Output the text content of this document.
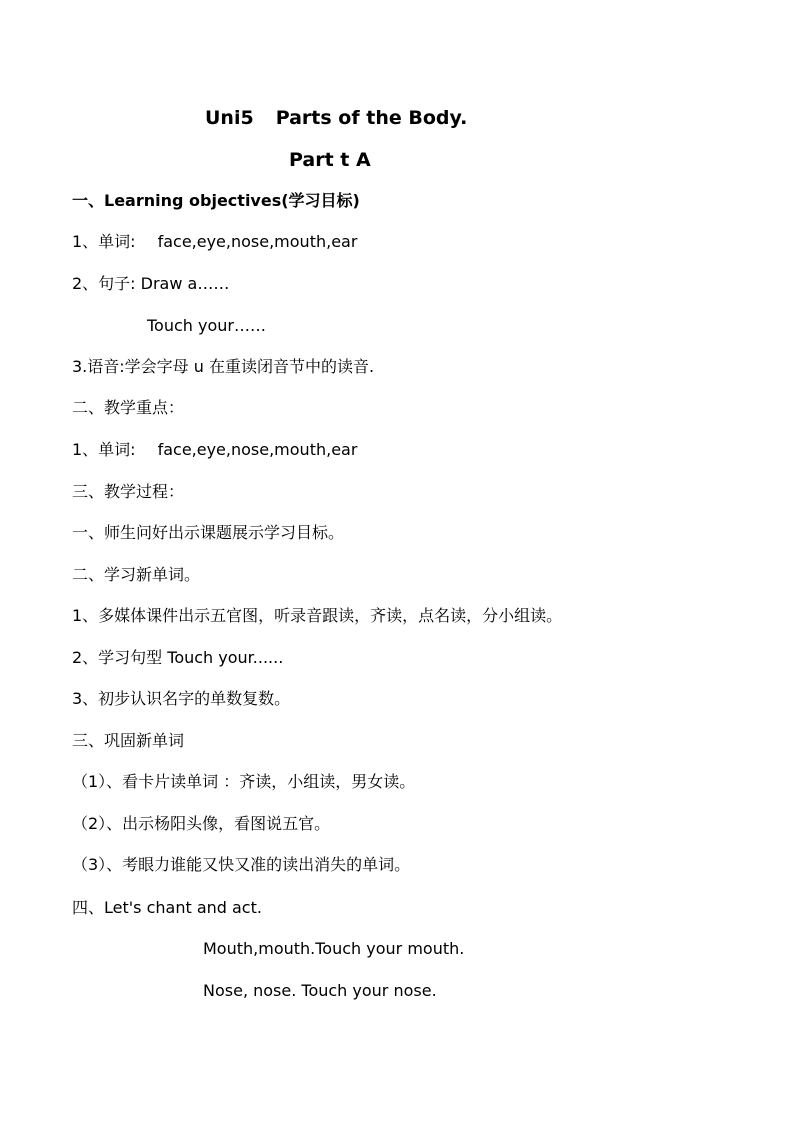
Uni5 Parts of the Body.
Part t A
一、Learning objectives(学习目标)
1、单词: face,eye,nose,mouth,ear
2、句子: Draw a……
Touch your……
3.语音:学会字母 u 在重读闭音节中的读音.
二、教学重点：
1、单词: face,eye,nose,mouth,ear
三、教学过程：
一、师生问好出示课题展示学习目标。
二、学习新单词。
1、多媒体课件出示五官图，听录音跟读，齐读，点名读，分小组读。
2、学习句型 Touch your......
3、初步认识名字的单数复数。
三、巩固新单词
（1）、看卡片读单词 ：齐读，小组读，男女读。
（2）、出示杨阳头像，看图说五官。
（3）、考眼力谁能又快又准的读出消失的单词。
四、Let's chant and act.
Mouth,mouth.Touch your mouth.
Nose, nose. Touch your nose.
